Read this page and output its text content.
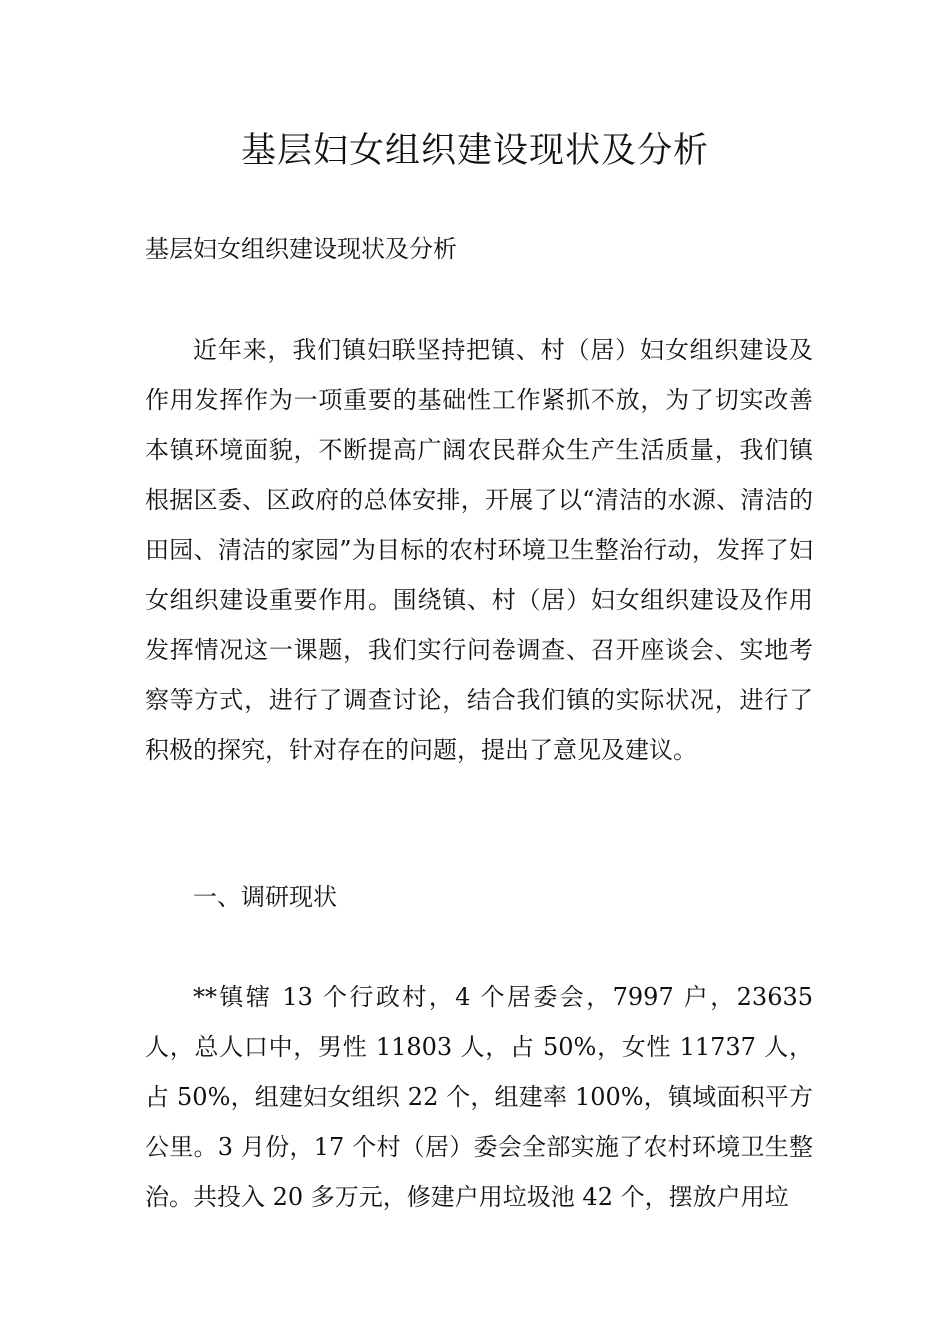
基层妇女组织建设现状及分析

基层妇女组织建设现状及分析

近年来，我们镇妇联坚持把镇、村（居）妇女组织建设及作用发挥作为一项重要的基础性工作紧抓不放，为了切实改善本镇环境面貌，不断提高广阔农民群众生产生活质量，我们镇根据区委、区政府的总体安排，开展了以“清洁的水源、清洁的田园、清洁的家园”为目标的农村环境卫生整治行动，发挥了妇女组织建设重要作用。围绕镇、村（居）妇女组织建设及作用发挥情况这一课题，我们实行问卷调查、召开座谈会、实地考察等方式，进行了调查讨论，结合我们镇的实际状况，进行了积极的探究，针对存在的问题，提出了意见及建议。

一、调研现状

**镇辖 13 个行政村，4 个居委会，7997 户，23635 人，总人口中，男性 11803 人，占 50%，女性 11737 人，占 50%，组建妇女组织 22 个，组建率 100%，镇域面积平方公里。3 月份，17 个村（居）委会全部实施了农村环境卫生整治。共投入 20 多万元，修建户用垃圾池 42 个，摆放户用垃
